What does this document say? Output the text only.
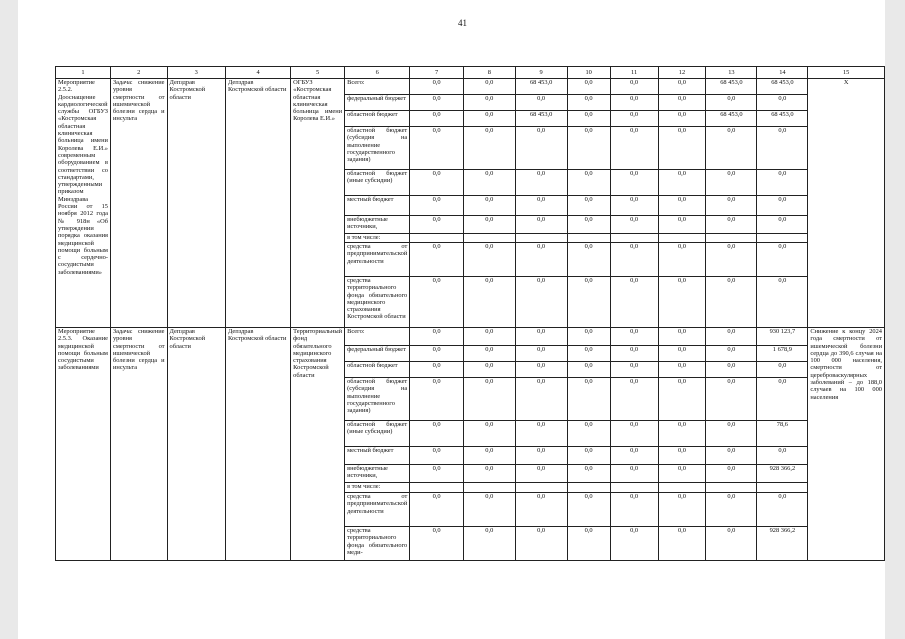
41
1	2	3	4	5	6	7	8	9	10	11	12	13	14	15
Мероприятие 2.5.2. Дооснащение кардиологической службы ОГБУЗ «Костромская областная клиническая больница имени Королева Е.И.» современным оборудованием в соответствии со стандартами, утвержденными приказом Минздрава России от 15 ноября 2012 года № 918н «Об утверждении порядка оказания медицинской помощи больным с сердечно-сосудистыми заболеваниями»	Задача: снижение уровня смертности от ишемической болезни сердца и инсульта	Депздрав Костромской области	Депздрав Костромской области	ОГБУЗ «Костромская областная клиническая больница имени Королева Е.И.»	Всего:	0,0	0,0	68 453,0	0,0	0,0	0,0	68 453,0	68 453,0	Х
					федеральный бюджет	0,0	0,0	0,0	0,0	0,0	0,0	0,0	0,0	
					областной бюджет	0,0	0,0	68 453,0	0,0	0,0	0,0	68 453,0	68 453,0	
					областной бюджет (субсидия на выполнение государственного задания)	0,0	0,0	0,0	0,0	0,0	0,0	0,0	0,0	
					областной бюджет (иные субсидии)	0,0	0,0	0,0	0,0	0,0	0,0	0,0	0,0	
					местный бюджет	0,0	0,0	0,0	0,0	0,0	0,0	0,0	0,0	
					внебюджетные источники,	0,0	0,0	0,0	0,0	0,0	0,0	0,0	0,0	
					в том числе:									
					средства от предпринимательской деятельности	0,0	0,0	0,0	0,0	0,0	0,0	0,0	0,0	
					средства территориального фонда обязательного медицинского страхования Костромской области	0,0	0,0	0,0	0,0	0,0	0,0	0,0	0,0	
Мероприятие 2.5.3. Оказание медицинской помощи больным сосудистыми заболеваниями	Задача: снижение уровня смертности от ишемической болезни сердца и инсульта	Депздрав Костромской области	Депздрав Костромской области	Территориальный фонд обязательного медицинского страхования Костромской области	Всего:	0,0	0,0	0,0	0,0	0,0	0,0	0,0	930 123,7	Снижение к концу 2024 года смертности от ишемической болезни сердца до 390,6 случая на 100 000 населения, смертности от цереброваскулярных заболеваний – до 188,0 случаев на 100 000 населения
					федеральный бюджет	0,0	0,0	0,0	0,0	0,0	0,0	0,0	1 678,9	
					областной бюджет	0,0	0,0	0,0	0,0	0,0	0,0	0,0	0,0	
					областной бюджет (субсидия на выполнение государственного задания)	0,0	0,0	0,0	0,0	0,0	0,0	0,0	0,0	
					областной бюджет (иные субсидии)	0,0	0,0	0,0	0,0	0,0	0,0	0,0	78,6	
					местный бюджет	0,0	0,0	0,0	0,0	0,0	0,0	0,0	0,0	
					внебюджетные источники,	0,0	0,0	0,0	0,0	0,0	0,0	0,0	928 366,2	
					в том числе:									
					средства от предпринимательской деятельности	0,0	0,0	0,0	0,0	0,0	0,0	0,0	0,0	
					средства территориального фонда обязательного меди-	0,0	0,0	0,0	0,0	0,0	0,0	0,0	928 366,2	
